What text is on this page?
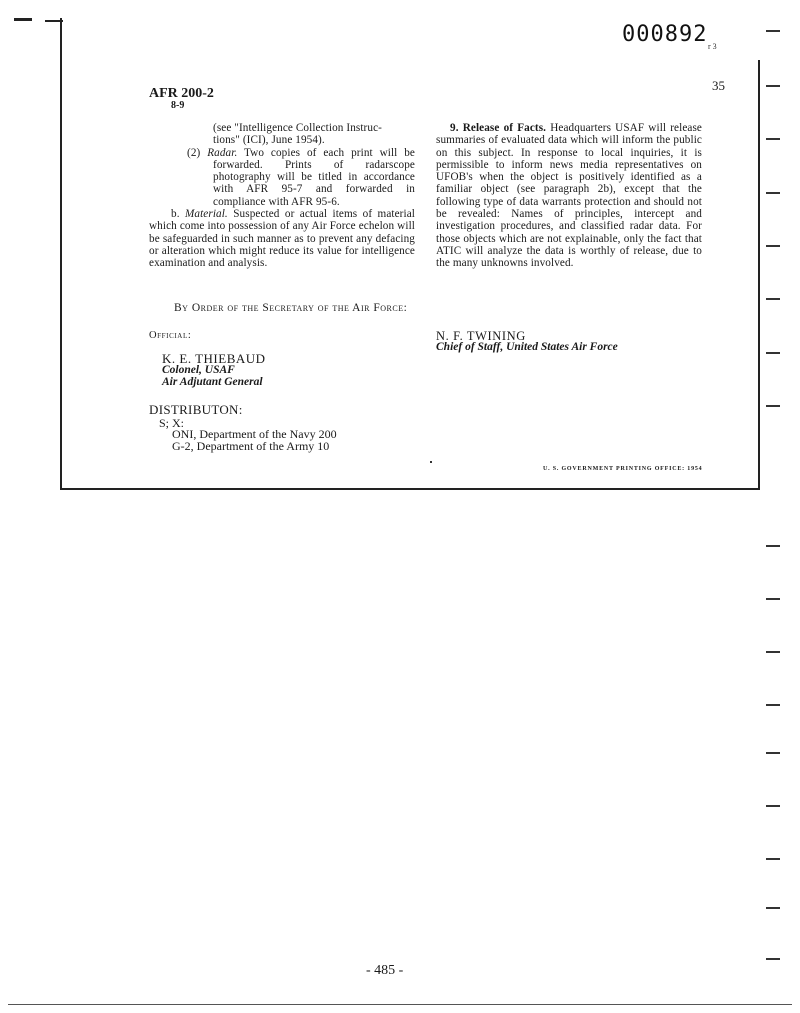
000892 r 3
35
AFR 200-2
8-9

(see "Intelligence Collection Instruc-

tions" (ICI), June 1954).

(2) Radar. Two copies of each print will be forwarded. Prints of radarscope photography will be titled in accordance with AFR 95-7 and forwarded in compliance with AFR 95-6.

b. Material. Suspected or actual items of material which come into possession of any Air Force echelon will be safeguarded in such manner as to prevent any defacing or alteration which might reduce its value for intelligence examination and analysis.

9. Release of Facts. Headquarters USAF will release summaries of evaluated data which will inform the public on this subject. In response to local inquiries, it is permissible to inform news media representatives on UFOB's when the object is positively identified as a familiar object (see paragraph 2b), except that the following type of data warrants protection and should not be revealed: Names of principles, intercept and investigation procedures, and classified radar data. For those objects which are not explainable, only the fact that ATIC will analyze the data is worthly of release, due to the many unknowns involved.

By Order of the Secretary of the Air Force:
Official:
K. E. THIEBAUD
Colonel, USAF
Air Adjutant General
N. F. TWINING
Chief of Staff, United States Air Force
DISTRIBUTON:
S; X:
ONI, Department of the Navy 200
G-2, Department of the Army 10
U. S. GOVERNMENT PRINTING OFFICE: 1954
- 485 -
